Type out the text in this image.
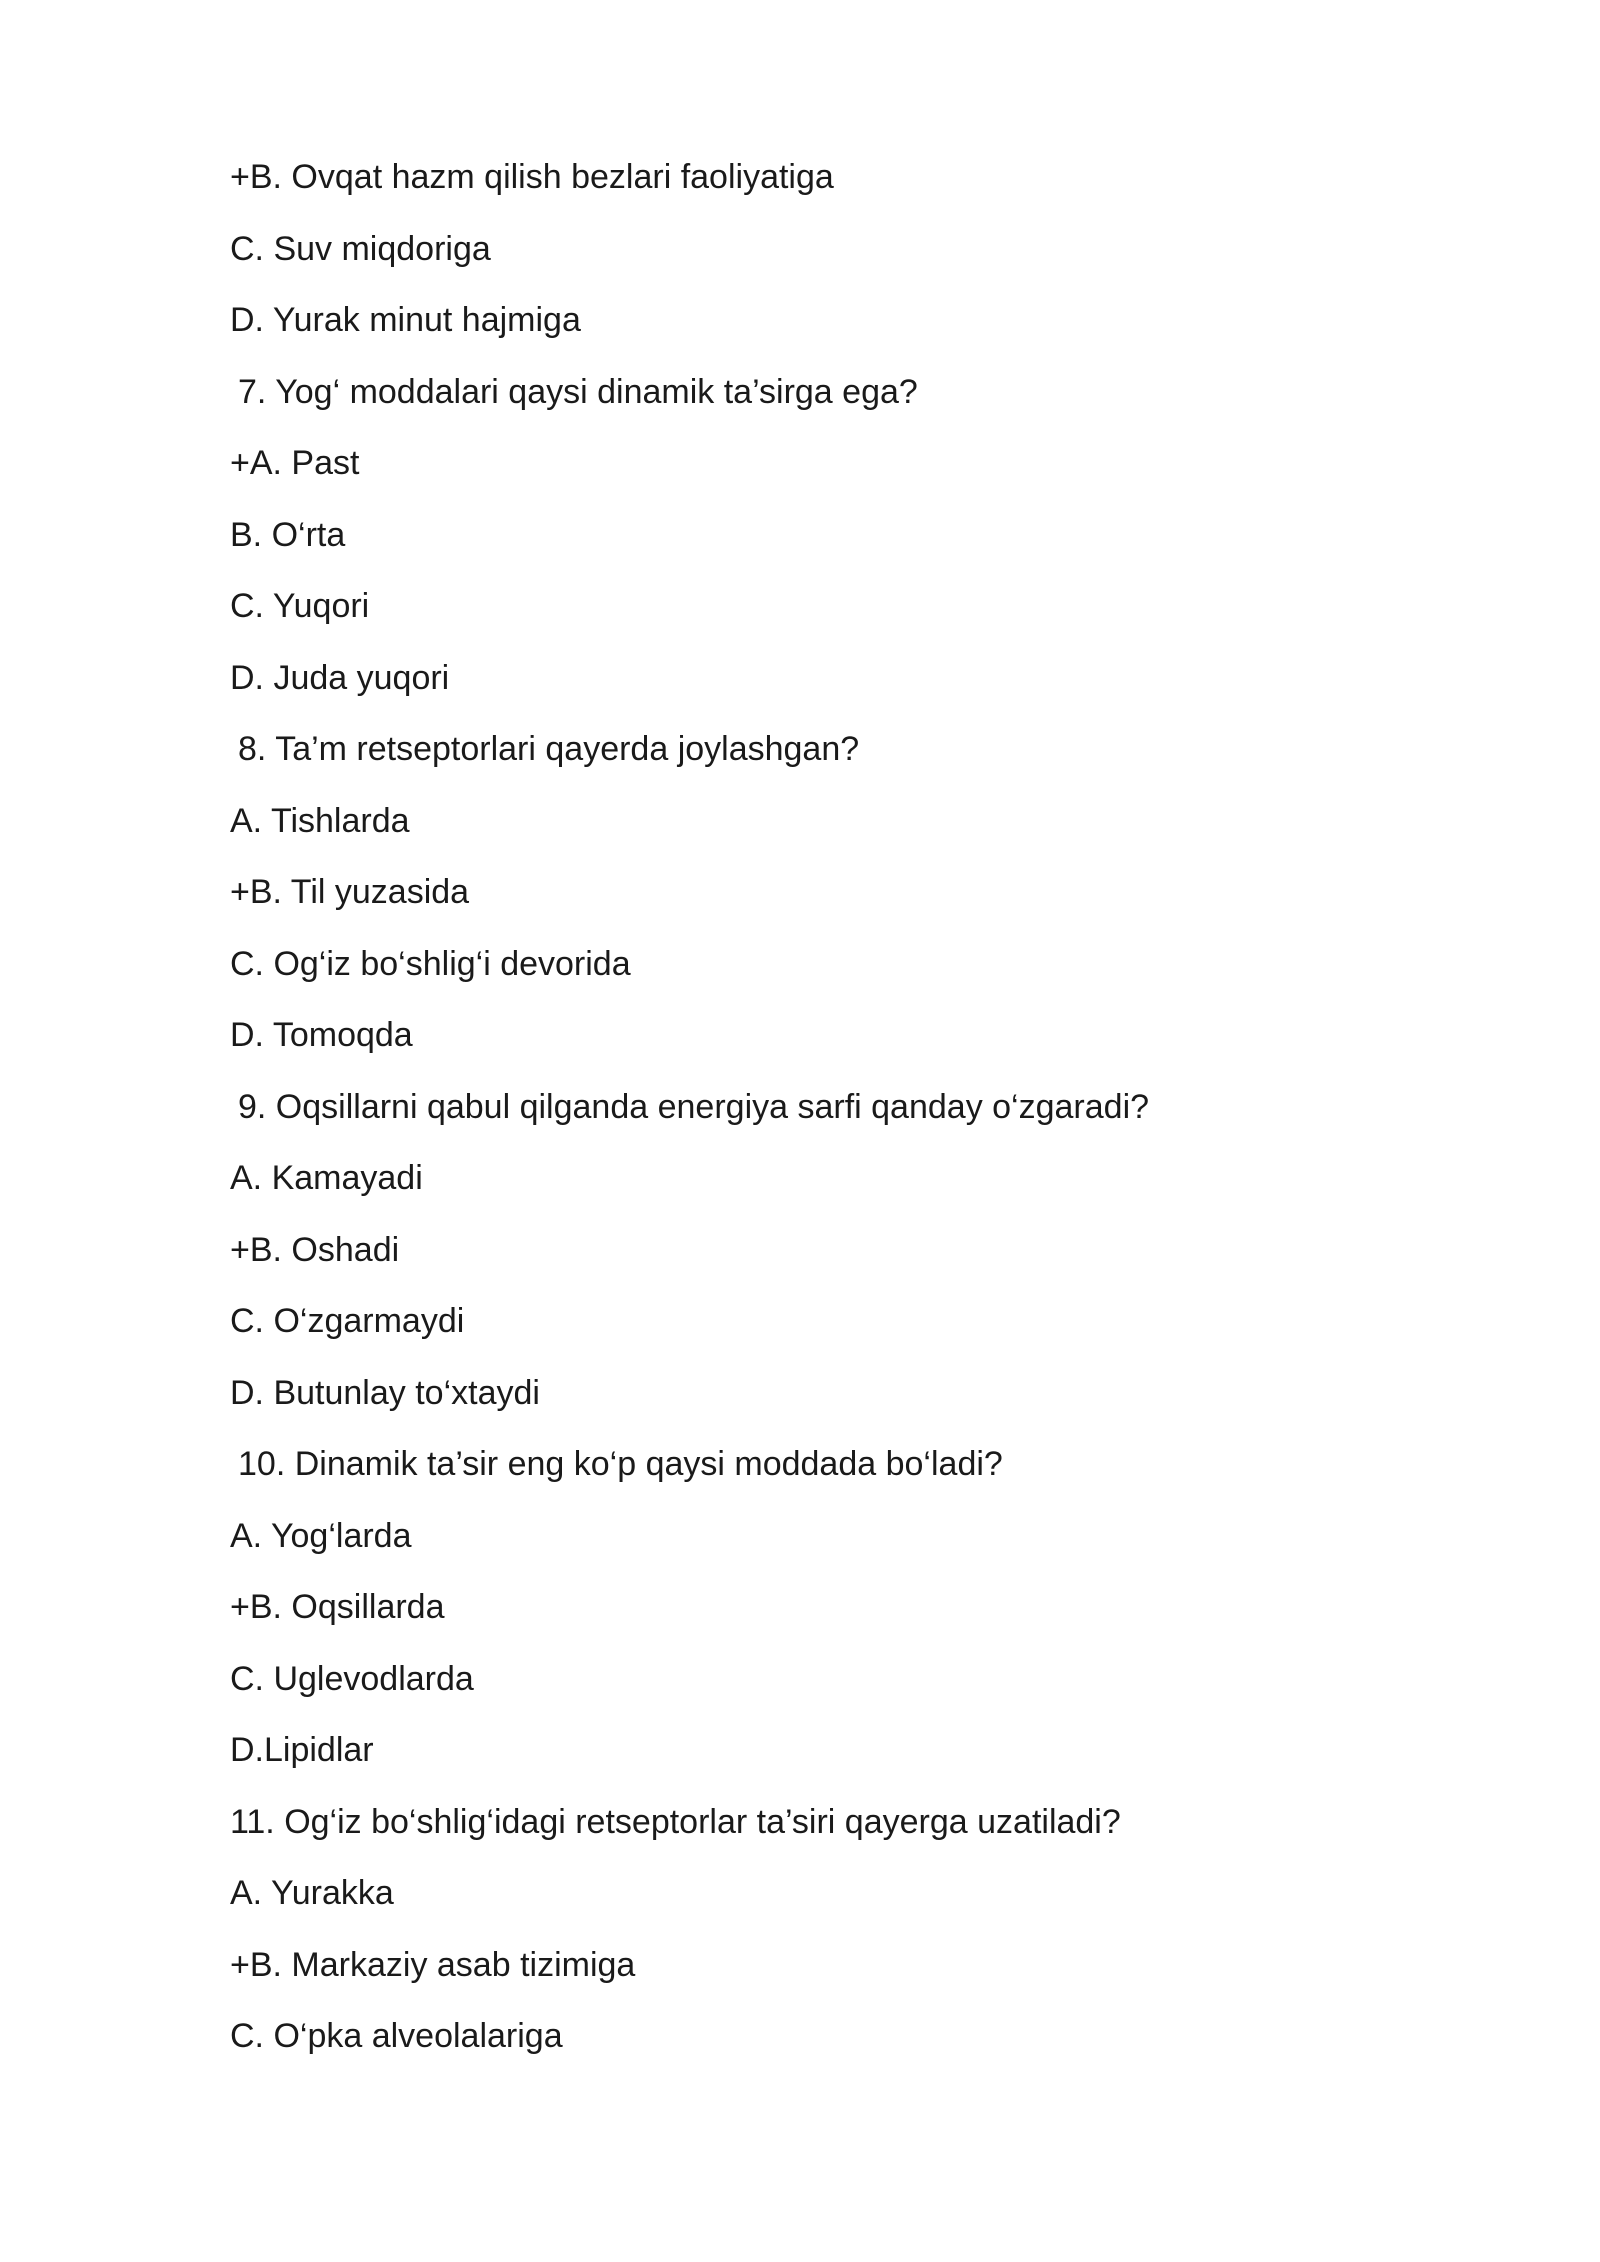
+B. Ovqat hazm qilish bezlari faoliyatiga
C. Suv miqdoriga
D. Yurak minut hajmiga
7. Yog‘ moddalari qaysi dinamik ta’sirga ega?
+A. Past
B. O‘rta
C. Yuqori
D. Juda yuqori
8. Ta’m retseptorlari qayerda joylashgan?
A. Tishlarda
+B. Til yuzasida
C. Og‘iz bo‘shlig‘i devorida
D. Tomoqda
9. Oqsillarni qabul qilganda energiya sarfi qanday o‘zgaradi?
A. Kamayadi
+B. Oshadi
C. O‘zgarmaydi
D. Butunlay to‘xtaydi
10. Dinamik ta’sir eng ko‘p qaysi moddada bo‘ladi?
A. Yog‘larda
+B. Oqsillarda
C. Uglevodlarda
D.Lipidlar
11. Og‘iz bo‘shlig‘idagi retseptorlar ta’siri qayerga uzatiladi?
A. Yurakka
+B. Markaziy asab tizimiga
C. O‘pka alveolalariga
